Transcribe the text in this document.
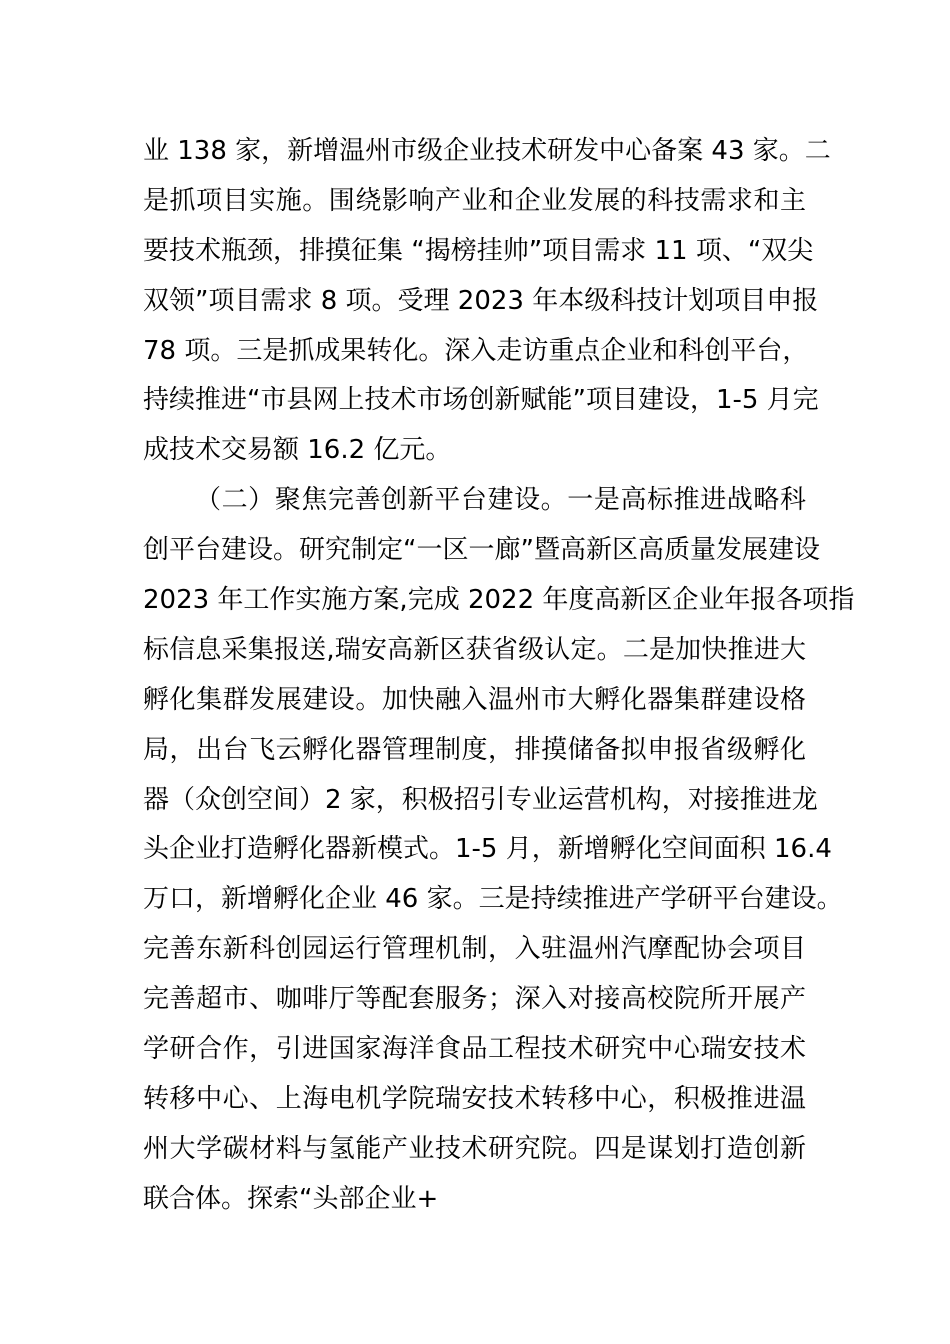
业 138 家，新增温州市级企业技术研发中心备案 43 家。二
是抓项目实施。围绕影响产业和企业发展的科技需求和主
要技术瓶颈，排摸征集 “揭榜挂帅”项目需求 11 项、“双尖
双领”项目需求 8 项。受理 2023 年本级科技计划项目申报
78 项。三是抓成果转化。深入走访重点企业和科创平台，
持续推进“市县网上技术市场创新赋能”项目建设，1-5 月完
成技术交易额 16.2 亿元。
（二）聚焦完善创新平台建设。一是高标推进战略科
创平台建设。研究制定“一区一廊”暨高新区高质量发展建设
2023 年工作实施方案,完成 2022 年度高新区企业年报各项指
标信息采集报送,瑞安高新区获省级认定。二是加快推进大
孵化集群发展建设。加快融入温州市大孵化器集群建设格
局，出台飞云孵化器管理制度，排摸储备拟申报省级孵化
器（众创空间）2 家，积极招引专业运营机构，对接推进龙
头企业打造孵化器新模式。1-5 月，新增孵化空间面积 16.4
万口，新增孵化企业 46 家。三是持续推进产学研平台建设。
完善东新科创园运行管理机制，入驻温州汽摩配协会项目
完善超市、咖啡厅等配套服务；深入对接高校院所开展产
学研合作，引进国家海洋食品工程技术研究中心瑞安技术
转移中心、上海电机学院瑞安技术转移中心，积极推进温
州大学碳材料与氢能产业技术研究院。四是谋划打造创新
联合体。探索“头部企业+
